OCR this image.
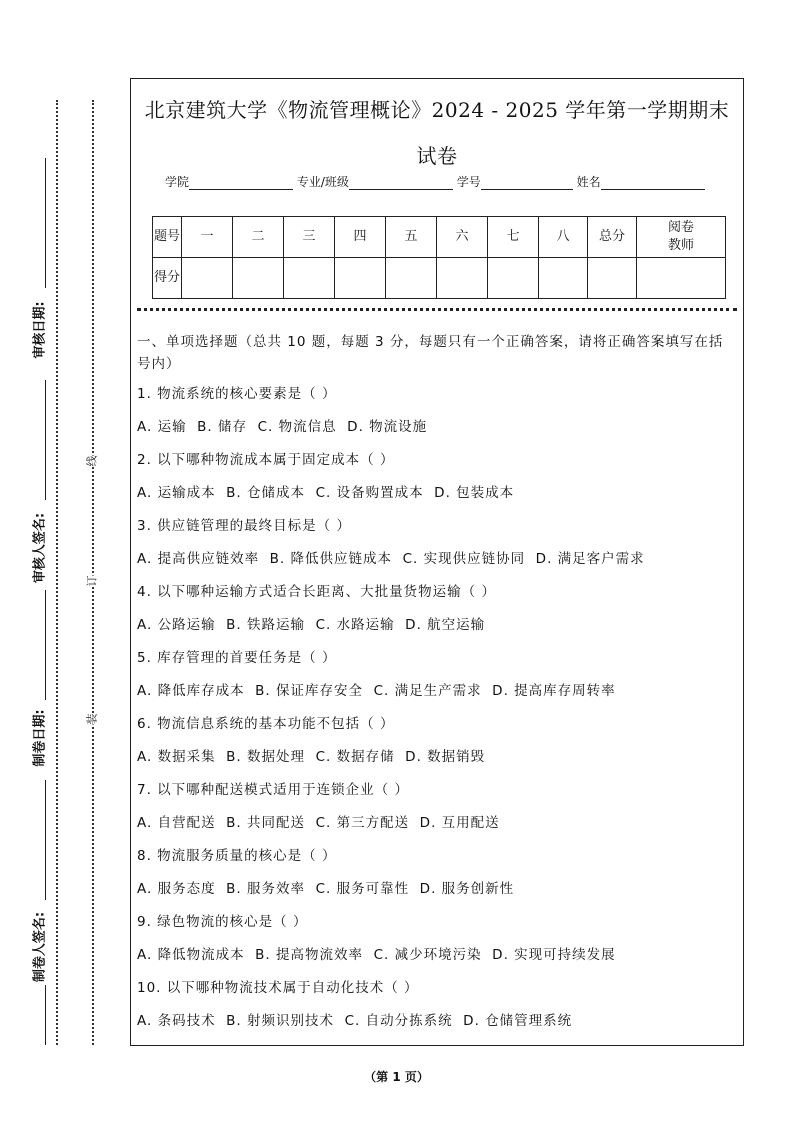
审核日期:
审核人签名:
制卷日期:
制卷人签名:
线
订
装
北京建筑大学《物流管理概论》2024 - 2025 学年第一学期期末试卷
学院	专业/班级	学号	姓名
题号	一	二	三	四	五	六	七	八	总分	阅卷教师
得分										
一、单项选择题（总共 10 题，每题 3 分，每题只有一个正确答案，请将正确答案填写在括号内）
1. 物流系统的核心要素是（ ）
A. 运输  B. 储存  C. 物流信息  D. 物流设施
2. 以下哪种物流成本属于固定成本（ ）
A. 运输成本  B. 仓储成本  C. 设备购置成本  D. 包装成本
3. 供应链管理的最终目标是（ ）
A. 提高供应链效率  B. 降低供应链成本  C. 实现供应链协同  D. 满足客户需求
4. 以下哪种运输方式适合长距离、大批量货物运输（ ）
A. 公路运输  B. 铁路运输  C. 水路运输  D. 航空运输
5. 库存管理的首要任务是（ ）
A. 降低库存成本  B. 保证库存安全  C. 满足生产需求  D. 提高库存周转率
6. 物流信息系统的基本功能不包括（ ）
A. 数据采集  B. 数据处理  C. 数据存储  D. 数据销毁
7. 以下哪种配送模式适用于连锁企业（ ）
A. 自营配送  B. 共同配送  C. 第三方配送  D. 互用配送
8. 物流服务质量的核心是（ ）
A. 服务态度  B. 服务效率  C. 服务可靠性  D. 服务创新性
9. 绿色物流的核心是（ ）
A. 降低物流成本  B. 提高物流效率  C. 减少环境污染  D. 实现可持续发展
10. 以下哪种物流技术属于自动化技术（ ）
A. 条码技术  B. 射频识别技术  C. 自动分拣系统  D. 仓储管理系统
（第 1 页）
